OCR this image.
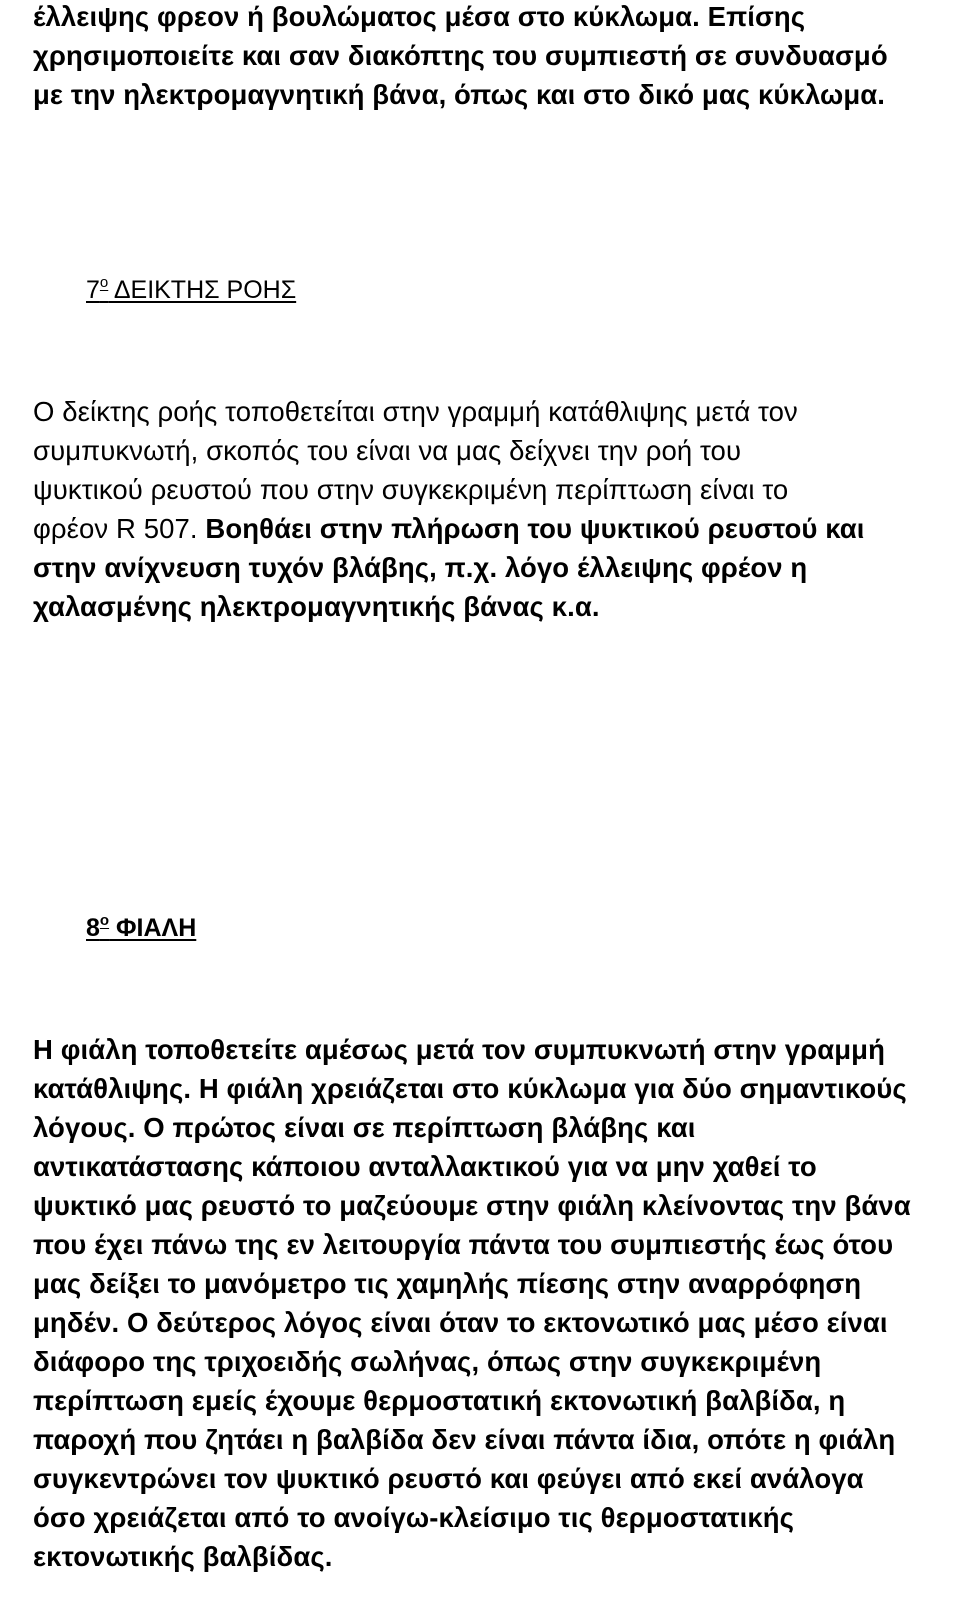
έλλειψης φρεον ή βουλώματος μέσα στο κύκλωμα. Επίσης
χρησιμοποιείτε και σαν διακόπτης του συμπιεστή σε συνδυασμό
με την ηλεκτρομαγνητική βάνα, όπως και στο δικό μας κύκλωμα.
$7^o$ ΔΕΙΚΤΗΣ ΡΟΗΣ
Ο δείκτης ροής τοποθετείται στην γραμμή κατάθλιψης μετά τον
συμπυκνωτή, σκοπός του είναι να μας δείχνει την ροή του
ψυκτικού ρευστού που στην συγκεκριμένη περίπτωση είναι το
φρέον R 507. Βοηθάει στην πλήρωση του ψυκτικού ρευστού και
στην ανίχνευση τυχόν βλάβης, π.χ. λόγο έλλειψης φρέον η
χαλασμένης ηλεκτρομαγνητικής βάνας κ.α.
$8^o$ ΦΙΑΛΗ
Η φιάλη τοποθετείτε αμέσως μετά τον συμπυκνωτή στην γραμμή
κατάθλιψης. Η φιάλη χρειάζεται στο κύκλωμα για δύο σημαντικούς
λόγους. Ο πρώτος είναι σε περίπτωση βλάβης και
αντικατάστασης κάποιου ανταλλακτικού για να μην χαθεί το
ψυκτικό μας ρευστό το μαζεύουμε στην φιάλη κλείνοντας την βάνα
που έχει πάνω της εν λειτουργία πάντα του συμπιεστής έως ότου
μας δείξει το μανόμετρο τις χαμηλής πίεσης στην αναρρόφηση
μηδέν. Ο δεύτερος λόγος είναι όταν το εκτονωτικό μας μέσο είναι
διάφορο της τριχοειδής σωλήνας, όπως στην συγκεκριμένη
περίπτωση εμείς έχουμε θερμοστατική εκτονωτική βαλβίδα, η
παροχή που ζητάει η βαλβίδα δεν είναι πάντα ίδια, οπότε η φιάλη
συγκεντρώνει τον ψυκτικό ρευστό και φεύγει από εκεί ανάλογα
όσο χρειάζεται από το ανοίγω-κλείσιμο τις θερμοστατικής
εκτονωτικής βαλβίδας.
